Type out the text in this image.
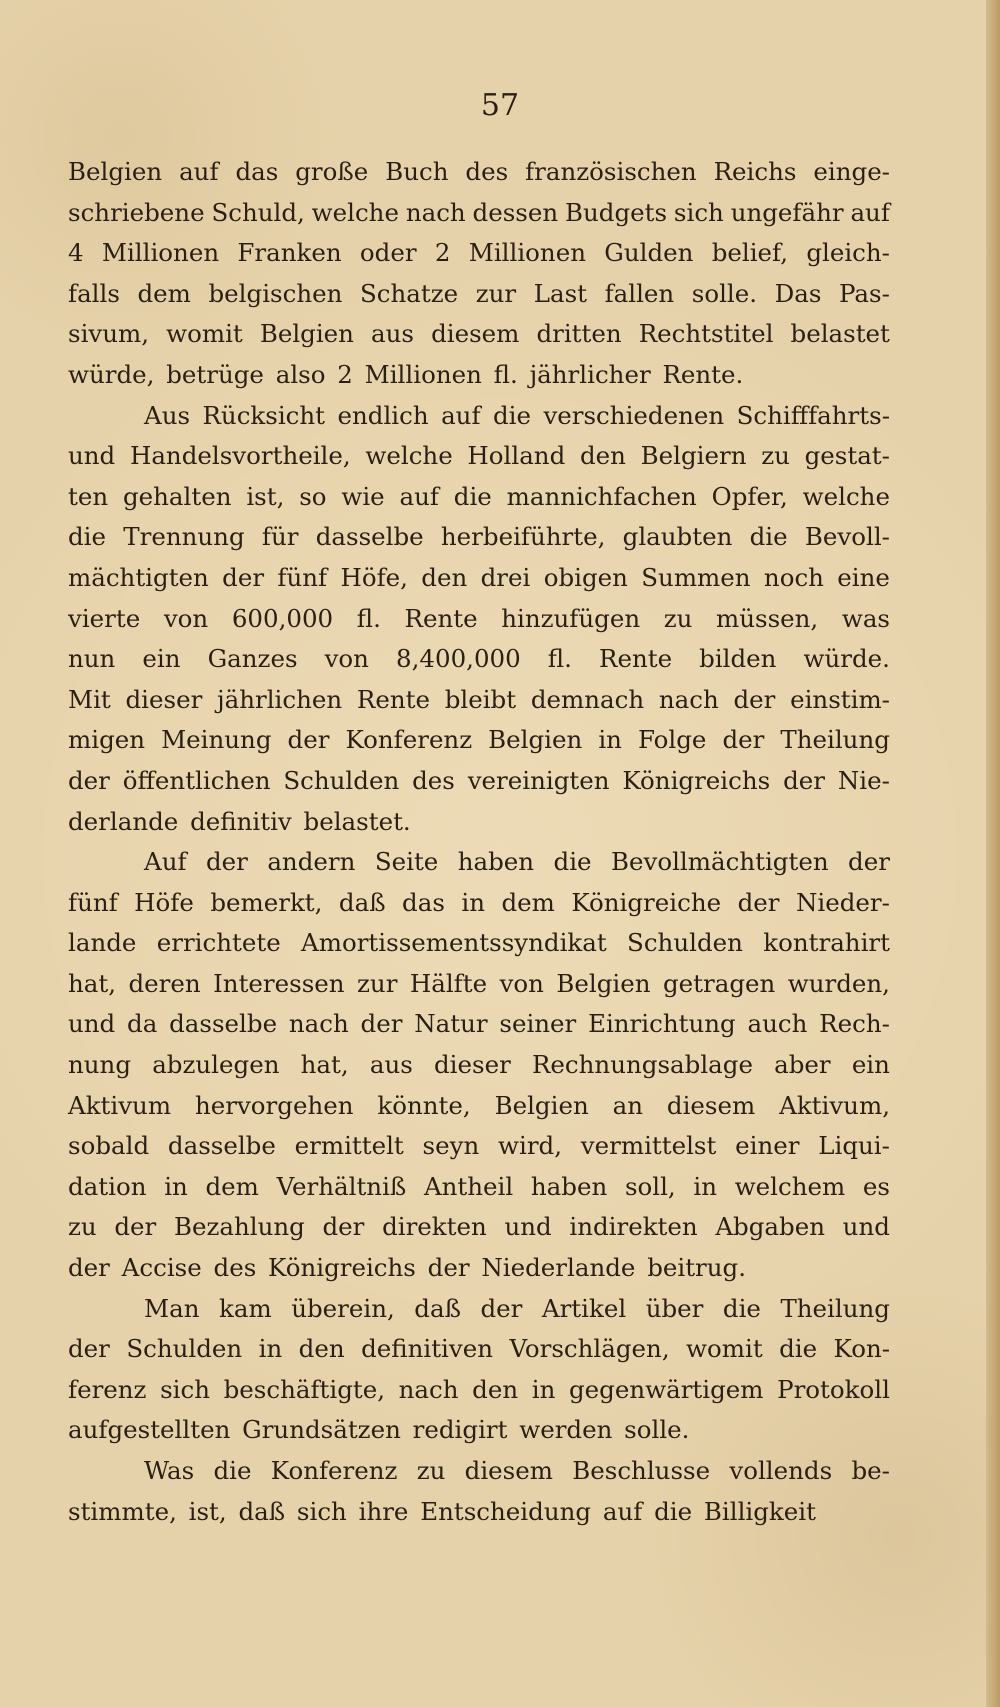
57
Belgien auf das große Buch des französischen Reichs einge-
schriebene Schuld, welche nach dessen Budgets sich ungefähr auf
4 Millionen Franken oder 2 Millionen Gulden belief, gleich-
falls dem belgischen Schatze zur Last fallen solle. Das Pas-
sivum, womit Belgien aus diesem dritten Rechtstitel belastet
würde, betrüge also 2 Millionen fl. jährlicher Rente.
Aus Rücksicht endlich auf die verschiedenen Schifffahrts-
und Handelsvortheile, welche Holland den Belgiern zu gestat-
ten gehalten ist, so wie auf die mannichfachen Opfer, welche
die Trennung für dasselbe herbeiführte, glaubten die Bevoll-
mächtigten der fünf Höfe, den drei obigen Summen noch eine
vierte von 600,000 fl. Rente hinzufügen zu müssen, was
nun ein Ganzes von 8,400,000 fl. Rente bilden würde.
Mit dieser jährlichen Rente bleibt demnach nach der einstim-
migen Meinung der Konferenz Belgien in Folge der Theilung
der öffentlichen Schulden des vereinigten Königreichs der Nie-
derlande definitiv belastet.
Auf der andern Seite haben die Bevollmächtigten der
fünf Höfe bemerkt, daß das in dem Königreiche der Nieder-
lande errichtete Amortissementssyndikat Schulden kontrahirt
hat, deren Interessen zur Hälfte von Belgien getragen wurden,
und da dasselbe nach der Natur seiner Einrichtung auch Rech-
nung abzulegen hat, aus dieser Rechnungsablage aber ein
Aktivum hervorgehen könnte, Belgien an diesem Aktivum,
sobald dasselbe ermittelt seyn wird, vermittelst einer Liqui-
dation in dem Verhältniß Antheil haben soll, in welchem es
zu der Bezahlung der direkten und indirekten Abgaben und
der Accise des Königreichs der Niederlande beitrug.
Man kam überein, daß der Artikel über die Theilung
der Schulden in den definitiven Vorschlägen, womit die Kon-
ferenz sich beschäftigte, nach den in gegenwärtigem Protokoll
aufgestellten Grundsätzen redigirt werden solle.
Was die Konferenz zu diesem Beschlusse vollends be-
stimmte, ist, daß sich ihre Entscheidung auf die Billigkeit
